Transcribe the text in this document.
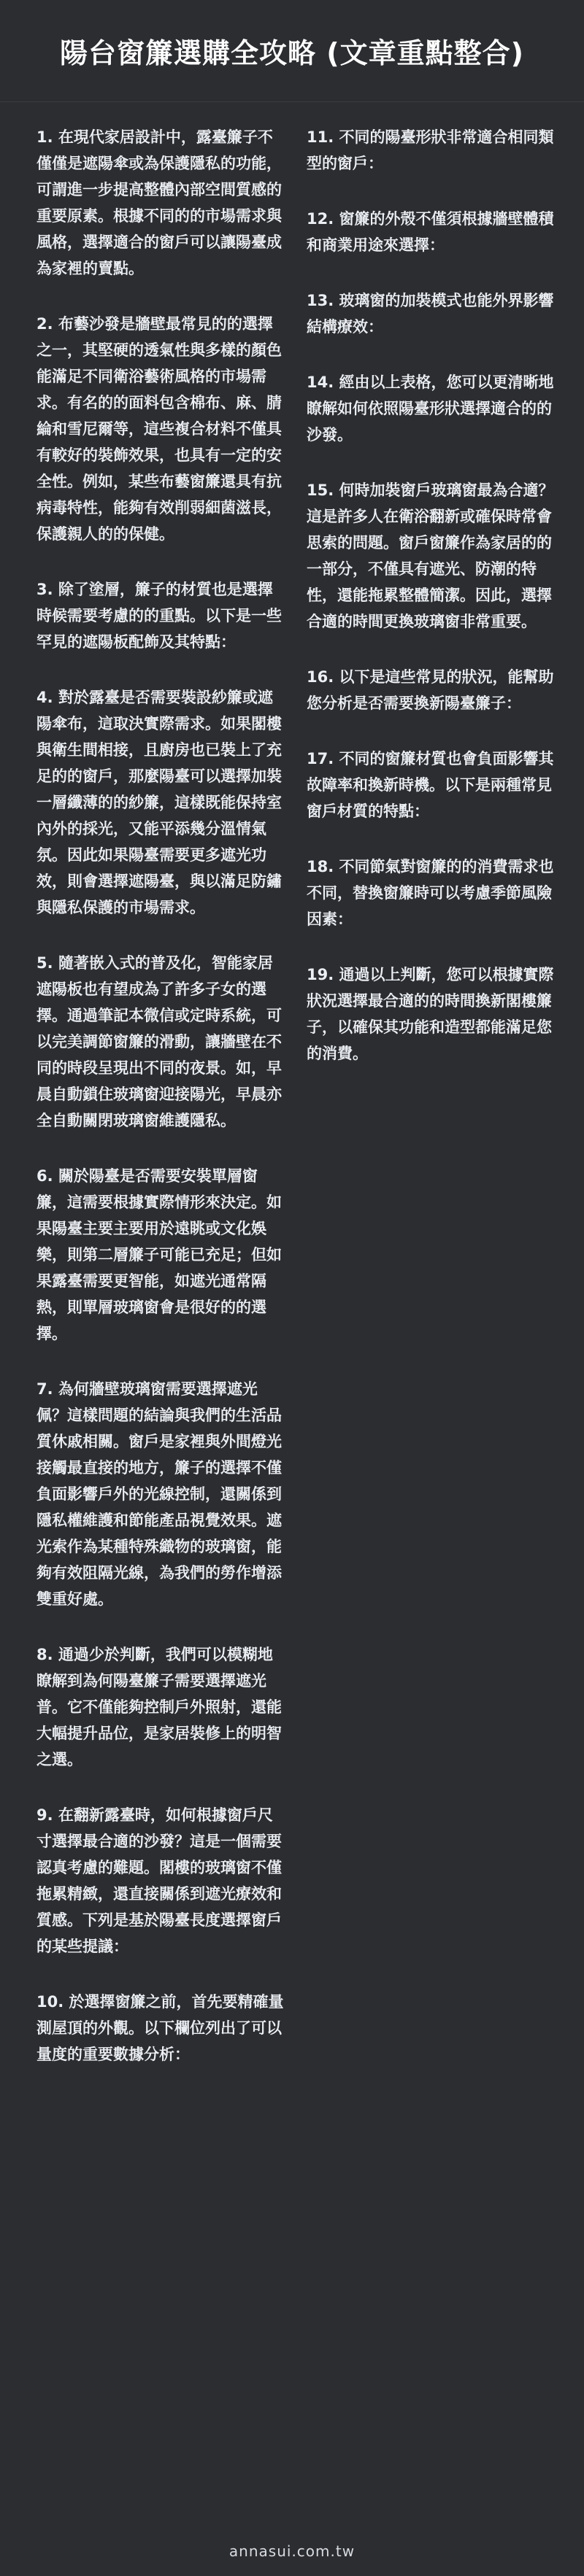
陽台窗簾選購全攻略 (文章重點整合)

1. 在現代家居設計中，露臺簾子不僅僅是遮陽傘或為保護隱私的功能，可謂進一步提高整體內部空間質感的重要原素。根據不同的的市場需求與風格，選擇適合的窗戶可以讓陽臺成為家裡的賣點。

2. 布藝沙發是牆壁最常見的的選擇之一，其堅硬的透氣性與多樣的顏色能滿足不同衛浴藝術風格的市場需求。有名的的面料包含棉布、麻、腈綸和雪尼爾等，這些複合材料不僅具有較好的裝飾效果，也具有一定的安全性。例如，某些布藝窗簾還具有抗病毒特性，能夠有效削弱細菌滋長，保護親人的的保健。

3. 除了塗層，簾子的材質也是選擇時候需要考慮的的重點。以下是一些罕見的遮陽板配飾及其特點：

4. 對於露臺是否需要裝設紗簾或遮陽傘布，這取決實際需求。如果閣樓與衛生間相接，且廚房也已裝上了充足的的窗戶，那麼陽臺可以選擇加裝一層纖薄的的紗簾，這樣既能保持室內外的採光，又能平添幾分溫情氣氛。因此如果陽臺需要更多遮光功效，則會選擇遮陽臺，與以滿足防鏽與隱私保護的市場需求。

5. 隨著嵌入式的普及化，智能家居遮陽板也有望成為了許多子女的選擇。通過筆記本微信或定時系統，可以完美調節窗簾的滑動，讓牆壁在不同的時段呈現出不同的夜景。如，早晨自動鎖住玻璃窗迎接陽光，早晨亦全自動關閉玻璃窗維護隱私。

6. 關於陽臺是否需要安裝單層窗簾，這需要根據實際情形來決定。如果陽臺主要主要用於遠眺或文化娛樂，則第二層簾子可能已充足；但如果露臺需要更智能，如遮光通常隔熱，則單層玻璃窗會是很好的的選擇。

7. 為何牆壁玻璃窗需要選擇遮光佩？這樣問題的結論與我們的生活品質休戚相關。窗戶是家裡與外間燈光接觸最直接的地方，簾子的選擇不僅負面影響戶外的光線控制，還關係到隱私權維護和節能產品視覺效果。遮光索作為某種特殊織物的玻璃窗，能夠有效阻隔光線，為我們的勞作增添雙重好處。

8. 通過少於判斷，我們可以模糊地瞭解到為何陽臺簾子需要選擇遮光普。它不僅能夠控制戶外照射，還能大幅提升品位，是家居裝修上的明智之選。

9. 在翻新露臺時，如何根據窗戶尺寸選擇最合適的沙發？這是一個需要認真考慮的難題。閣樓的玻璃窗不僅拖累精緻，還直接關係到遮光療效和質感。下列是基於陽臺長度選擇窗戶的某些提議：

10. 於選擇窗簾之前，首先要精確量測屋頂的外觀。以下欄位列出了可以量度的重要數據分析：

11. 不同的陽臺形狀非常適合相同類型的窗戶：

12. 窗簾的外殼不僅須根據牆壁體積和商業用途來選擇：

13. 玻璃窗的加裝模式也能外界影響結構療效：

14. 經由以上表格，您可以更清晰地瞭解如何依照陽臺形狀選擇適合的的沙發。

15. 何時加裝窗戶玻璃窗最為合適？這是許多人在衛浴翻新或確保時常會思索的問題。窗戶窗簾作為家居的的一部分，不僅具有遮光、防潮的特性，還能拖累整體簡潔。因此，選擇合適的時間更換玻璃窗非常重要。

16. 以下是這些常見的狀況，能幫助您分析是否需要換新陽臺簾子：

17. 不同的窗簾材質也會負面影響其故障率和換新時機。以下是兩種常見窗戶材質的特點：

18. 不同節氣對窗簾的的消費需求也不同，替換窗簾時可以考慮季節風險因素：

19. 通過以上判斷，您可以根據實際狀況選擇最合適的的時間換新閣樓簾子，以確保其功能和造型都能滿足您的消費。

annasui.com.tw
